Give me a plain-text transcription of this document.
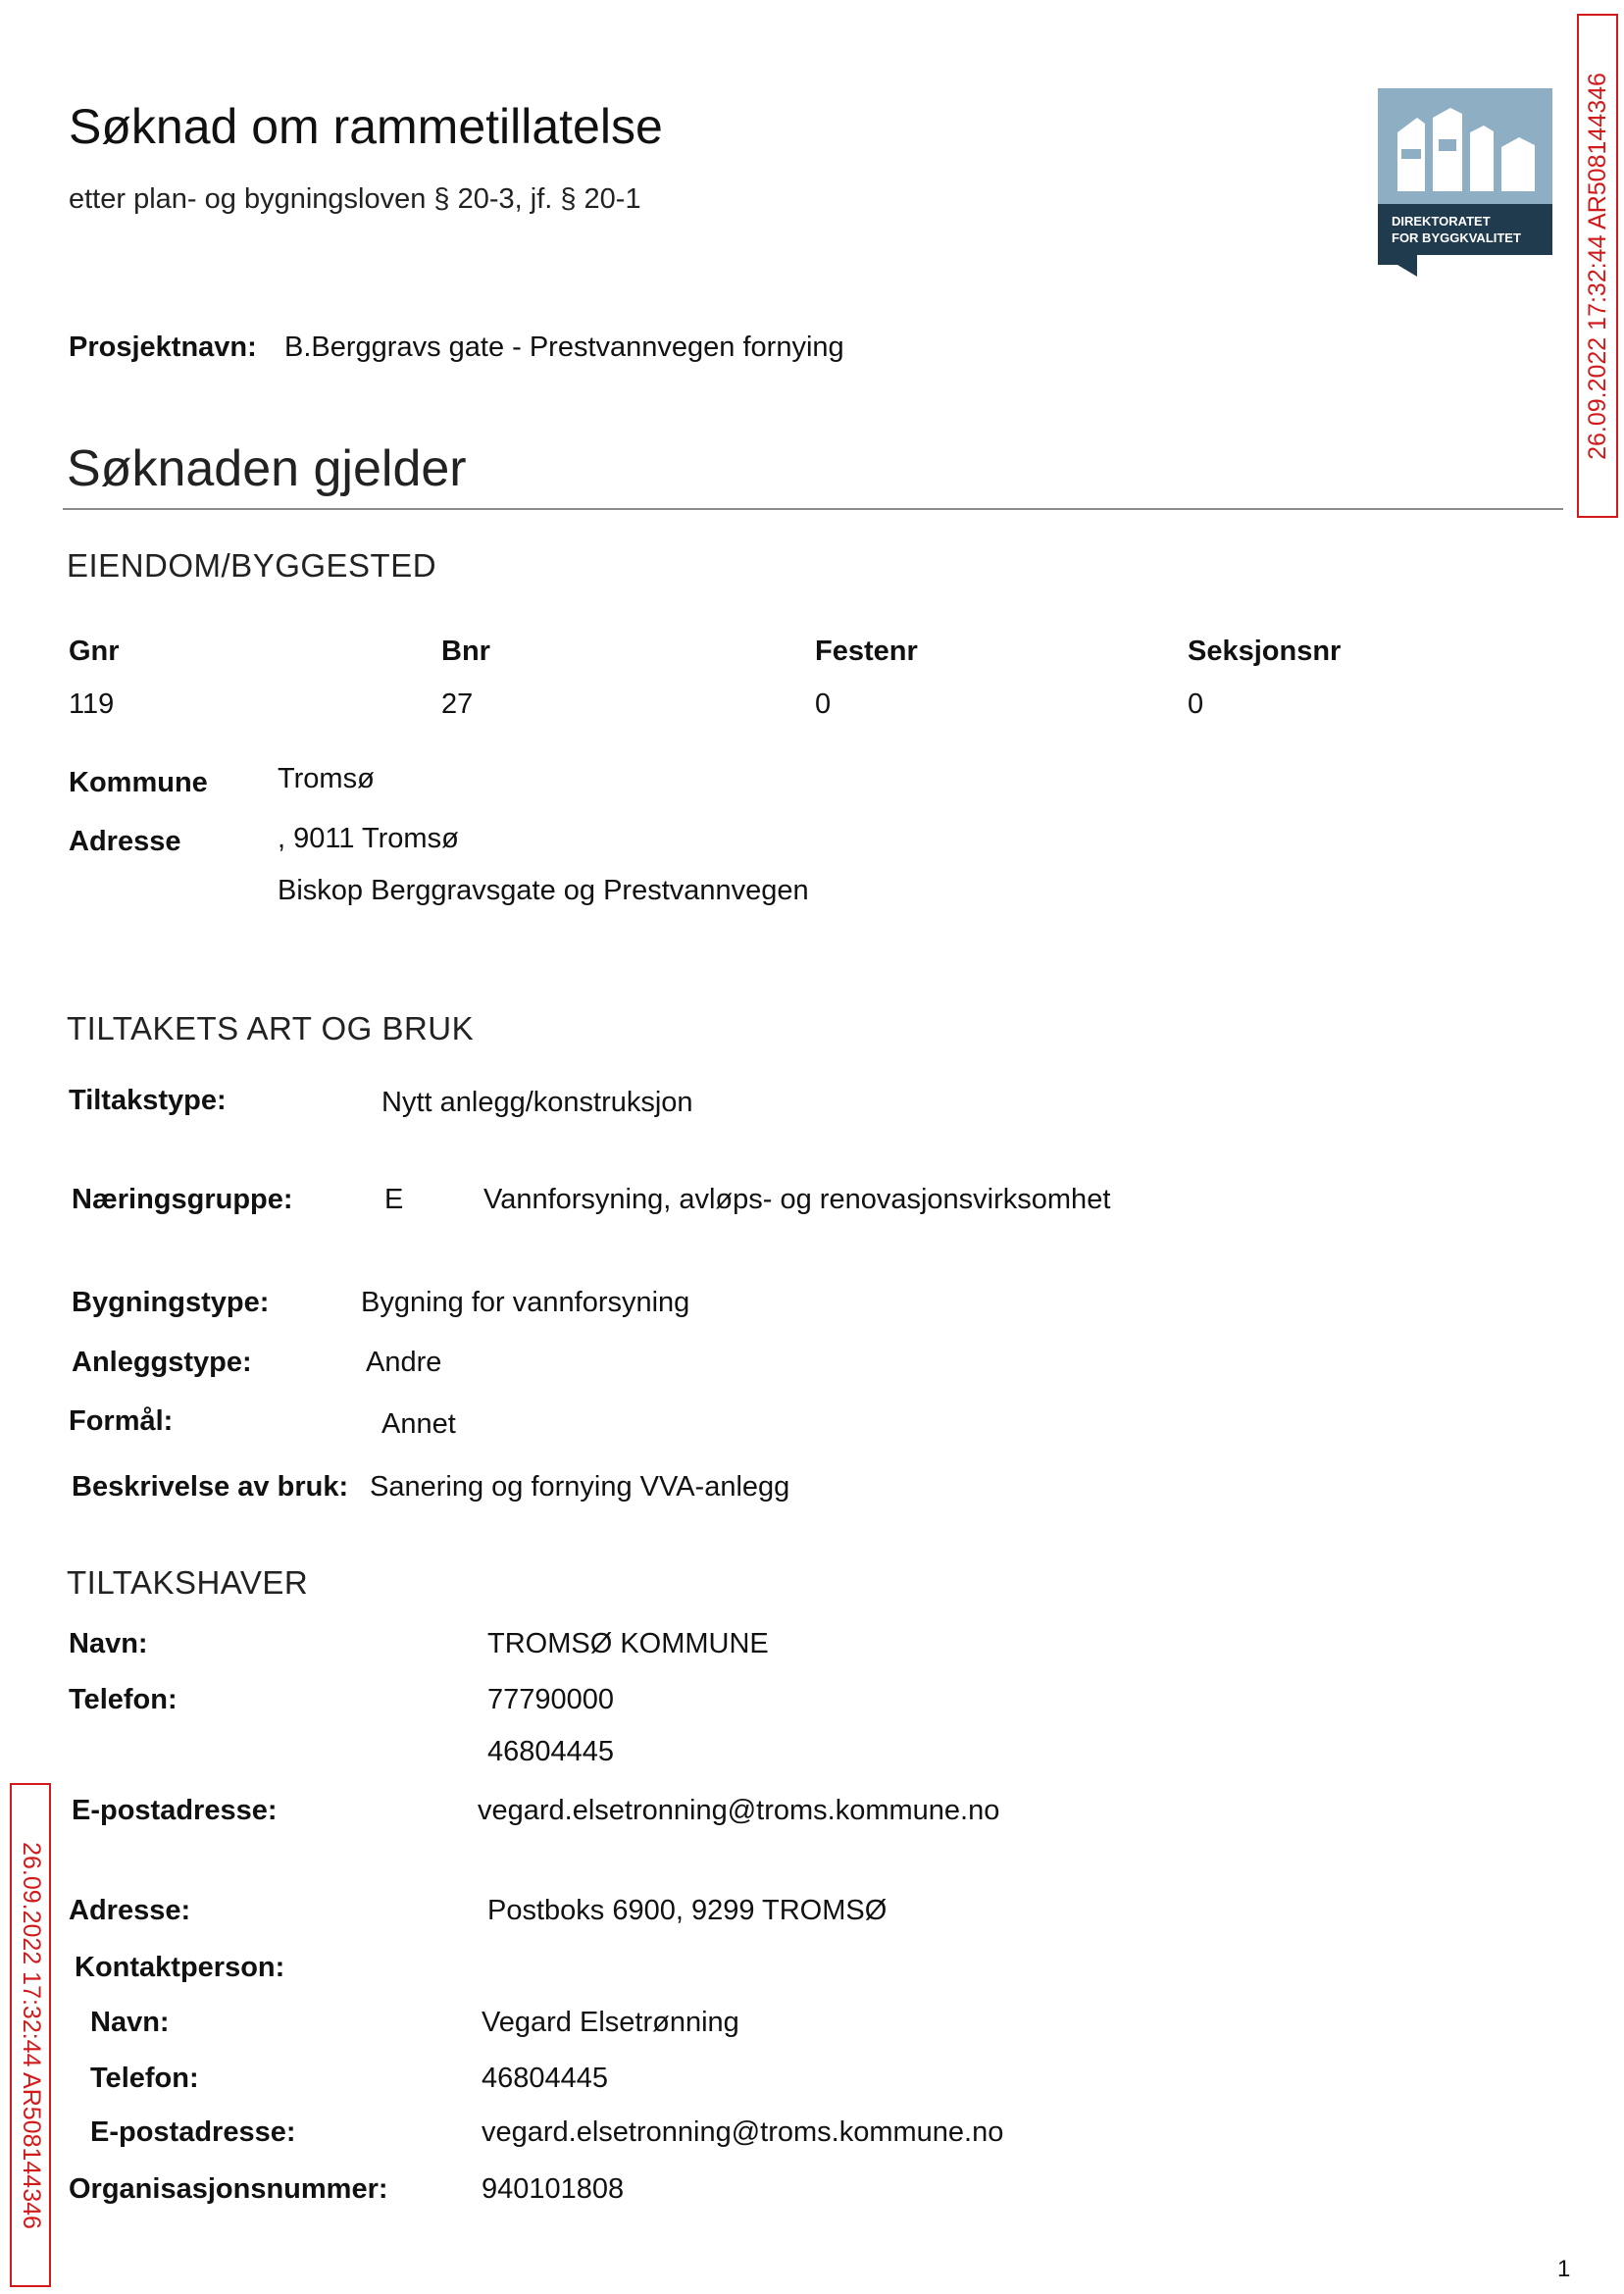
Søknad om rammetillatelse
etter plan- og bygningsloven § 20-3, jf. § 20-1
DIREKTORATET
FOR BYGGKVALITET	26.09.2022 17:32:44 AR508144346
26.09.2022 17:32:44 AR508144346
Prosjektnavn: B.Berggravs gate - Prestvannvegen fornying
Søknaden gjelder
EIENDOM/BYGGESTED
Gnr	Bnr	Festenr	Seksjonsnr
119	27	0	0
Kommune Tromsø
Adresse	, 9011 Tromsø
Biskop Berggravsgate og Prestvannvegen
TILTAKETS ART OG BRUK
Tiltakstype:	Nytt anlegg/konstruksjon
Næringsgruppe:	E	Vannforsyning, avløps- og renovasjonsvirksomhet
Bygningstype:	Bygning for vannforsyning
Anleggstype:	Andre
Formål:	Annet
Beskrivelse av bruk: Sanering og fornying VVA-anlegg
TILTAKSHAVER
Navn:	TROMSØ KOMMUNE
Telefon:	77790000
46804445
E-postadresse:	vegard.elsetronning@troms.kommune.no
Adresse:	Postboks 6900, 9299 TROMSØ
Kontaktperson:
Navn:	Vegard Elsetrønning
Telefon:	46804445
E-postadresse:	vegard.elsetronning@troms.kommune.no
Organisasjonsnummer:	940101808
1
